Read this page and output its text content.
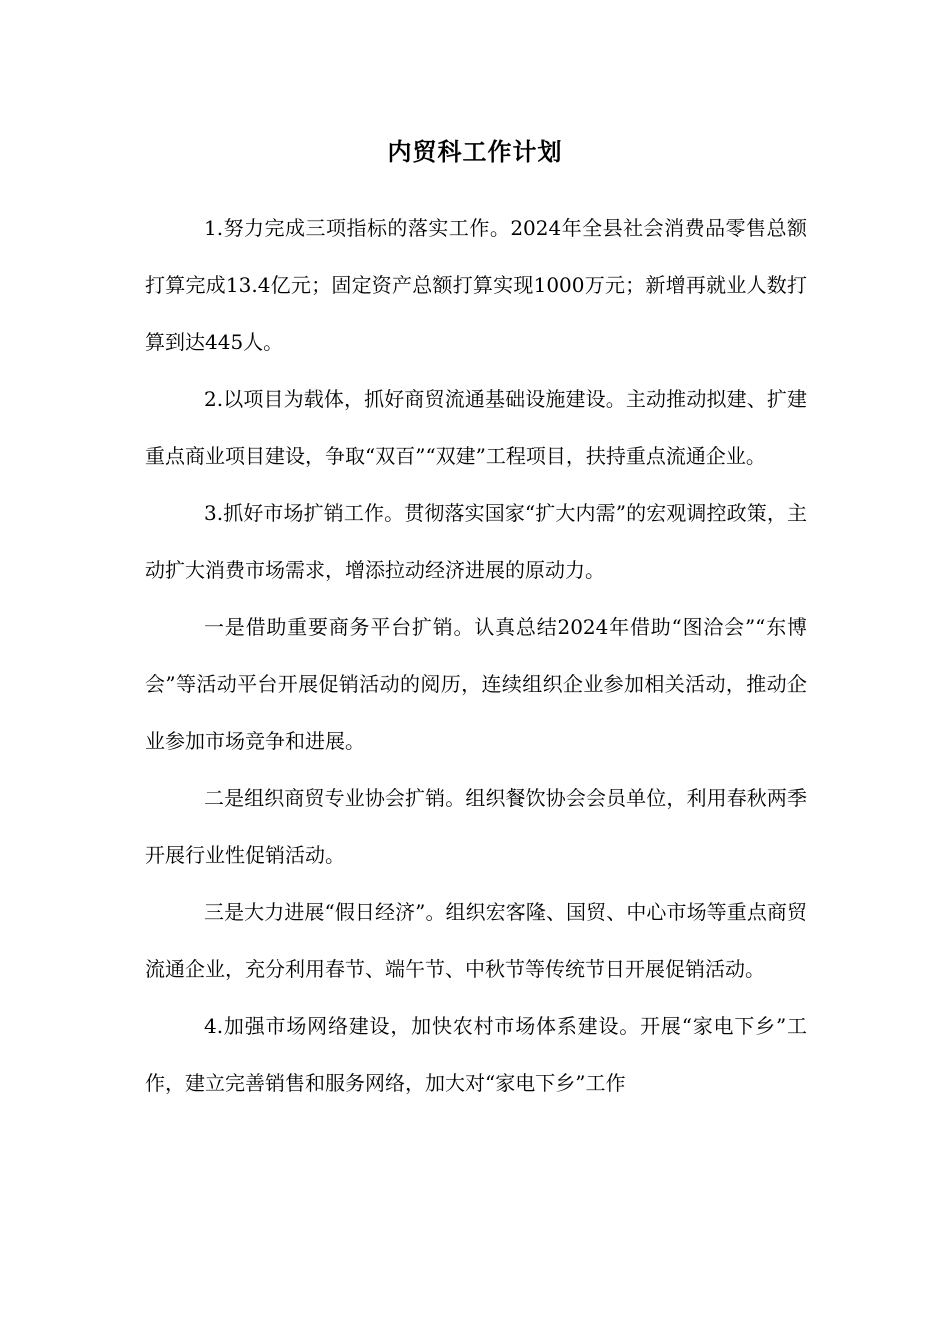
内贸科工作计划

1.努力完成三项指标的落实工作。2024年全县社会消费品零售总额打算完成13.4亿元；固定资产总额打算实现1000万元；新增再就业人数打算到达445人。

2.以项目为载体，抓好商贸流通基础设施建设。主动推动拟建、扩建重点商业项目建设，争取“双百”“双建”工程项目，扶持重点流通企业。

3.抓好市场扩销工作。贯彻落实国家“扩大内需”的宏观调控政策，主动扩大消费市场需求，增添拉动经济进展的原动力。

一是借助重要商务平台扩销。认真总结2024年借助“图洽会”“东博会”等活动平台开展促销活动的阅历，连续组织企业参加相关活动，推动企业参加市场竞争和进展。

二是组织商贸专业协会扩销。组织餐饮协会会员单位，利用春秋两季开展行业性促销活动。

三是大力进展“假日经济”。组织宏客隆、国贸、中心市场等重点商贸流通企业，充分利用春节、端午节、中秋节等传统节日开展促销活动。

4.加强市场网络建设，加快农村市场体系建设。开展“家电下乡”工作，建立完善销售和服务网络，加大对“家电下乡”工作
